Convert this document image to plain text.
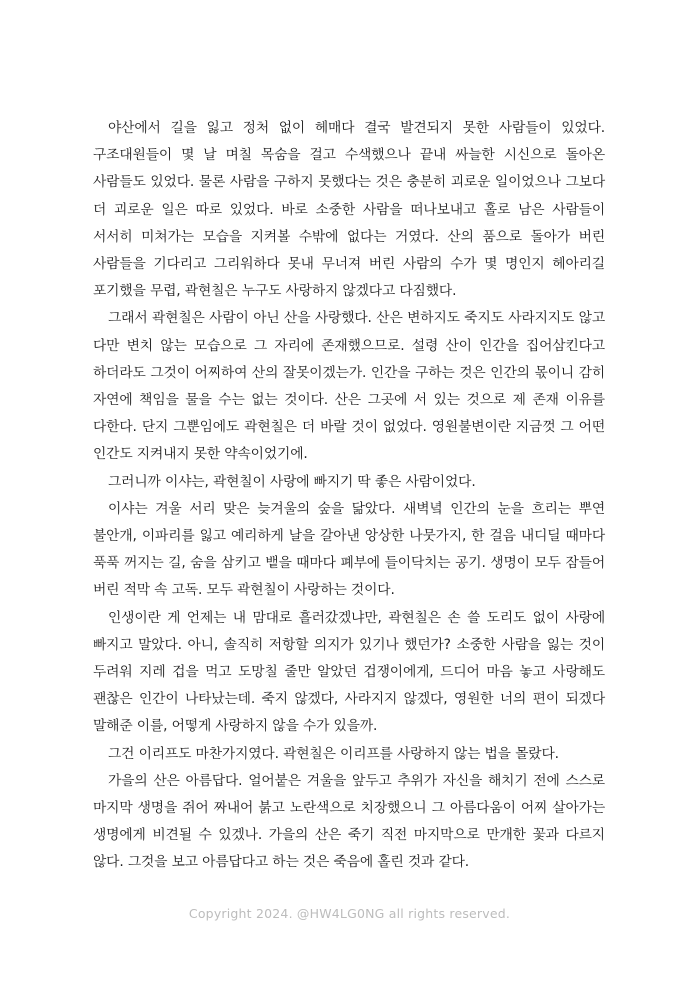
야산에서 길을 잃고 정처 없이 헤매다 결국 발견되지 못한 사람들이 있었다. 구조대원들이 몇 날 며칠 목숨을 걸고 수색했으나 끝내 싸늘한 시신으로 돌아온 사람들도 있었다. 물론 사람을 구하지 못했다는 것은 충분히 괴로운 일이었으나 그보다 더 괴로운 일은 따로 있었다. 바로 소중한 사람을 떠나보내고 홀로 남은 사람들이 서서히 미쳐가는 모습을 지켜볼 수밖에 없다는 거였다. 산의 품으로 돌아가 버린 사람들을 기다리고 그리워하다 못내 무너져 버린 사람의 수가 몇 명인지 헤아리길 포기했을 무렵, 곽현칠은 누구도 사랑하지 않겠다고 다짐했다.

그래서 곽현칠은 사람이 아닌 산을 사랑했다. 산은 변하지도 죽지도 사라지지도 않고 다만 변치 않는 모습으로 그 자리에 존재했으므로. 설령 산이 인간을 집어삼킨다고 하더라도 그것이 어찌하여 산의 잘못이겠는가. 인간을 구하는 것은 인간의 몫이니 감히 자연에 책임을 물을 수는 없는 것이다. 산은 그곳에 서 있는 것으로 제 존재 이유를 다한다. 단지 그뿐임에도 곽현칠은 더 바랄 것이 없었다. 영원불변이란 지금껏 그 어떤 인간도 지켜내지 못한 약속이었기에.

그러니까 이샤는, 곽현칠이 사랑에 빠지기 딱 좋은 사람이었다.

이샤는 겨울 서리 맞은 늦겨울의 숲을 닮았다. 새벽녘 인간의 눈을 흐리는 뿌연 불안개, 이파리를 잃고 예리하게 날을 갈아낸 앙상한 나뭇가지, 한 걸음 내디딜 때마다 푹푹 꺼지는 길, 숨을 삼키고 뱉을 때마다 폐부에 들이닥치는 공기. 생명이 모두 잠들어 버린 적막 속 고독. 모두 곽현칠이 사랑하는 것이다.

인생이란 게 언제는 내 맘대로 흘러갔겠냐만, 곽현칠은 손 쓸 도리도 없이 사랑에 빠지고 말았다. 아니, 솔직히 저항할 의지가 있기나 했던가? 소중한 사람을 잃는 것이 두려워 지레 겁을 먹고 도망칠 줄만 알았던 겁쟁이에게, 드디어 마음 놓고 사랑해도 괜찮은 인간이 나타났는데. 죽지 않겠다, 사라지지 않겠다, 영원한 너의 편이 되겠다 말해준 이를, 어떻게 사랑하지 않을 수가 있을까.

그건 이리프도 마찬가지였다. 곽현칠은 이리프를 사랑하지 않는 법을 몰랐다.

가을의 산은 아름답다. 얼어붙은 겨울을 앞두고 추위가 자신을 해치기 전에 스스로 마지막 생명을 쥐어 짜내어 붉고 노란색으로 치장했으니 그 아름다움이 어찌 살아가는 생명에게 비견될 수 있겠나. 가을의 산은 죽기 직전 마지막으로 만개한 꽃과 다르지 않다. 그것을 보고 아름답다고 하는 것은 죽음에 홀린 것과 같다.

Copyright 2024. @HW4LG0NG all rights reserved.
